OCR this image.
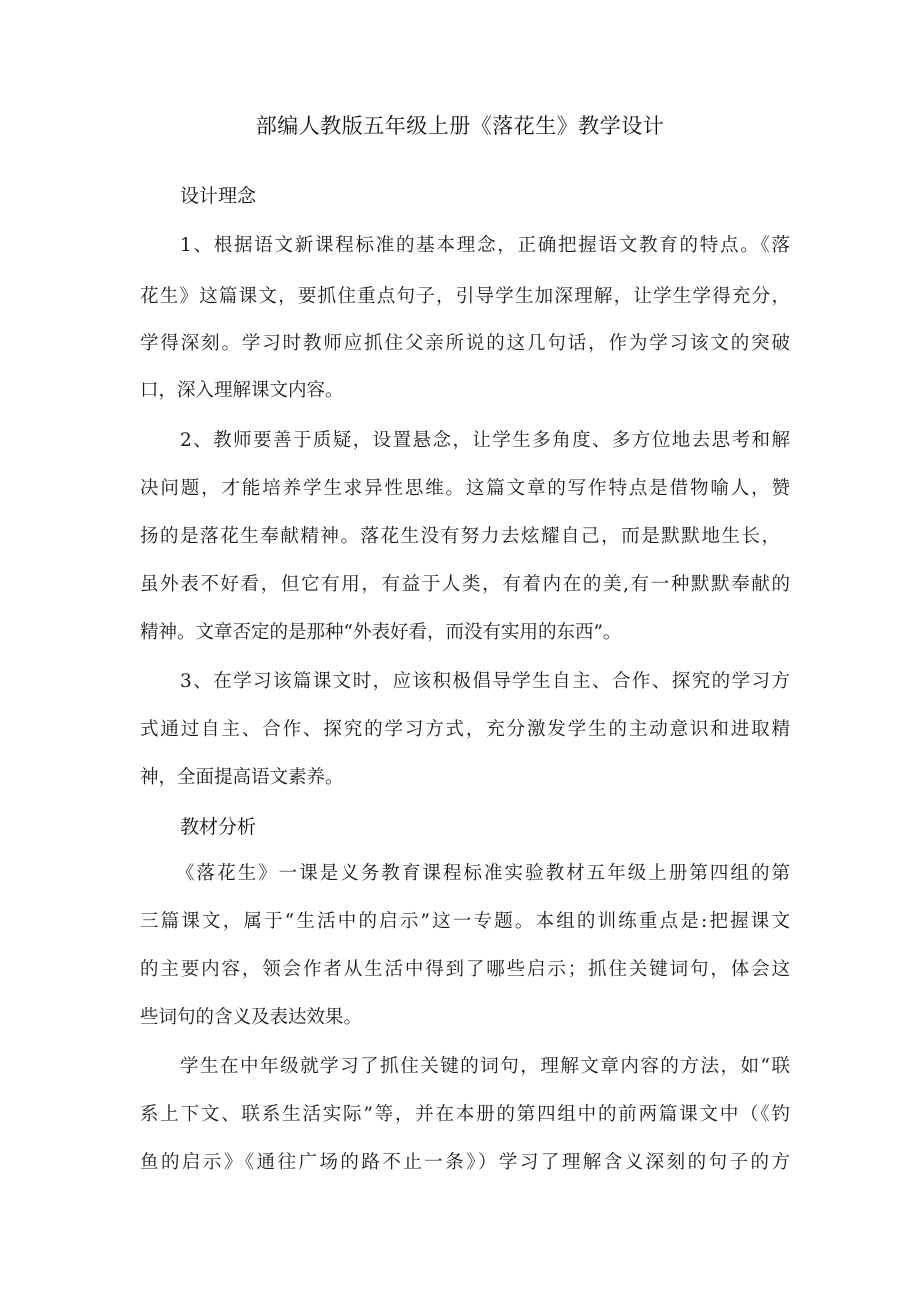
部编人教版五年级上册《落花生》教学设计
设计理念
1、根据语文新课程标准的基本理念，正确把握语文教育的特点。《落
花生》这篇课文，要抓住重点句子，引导学生加深理解，让学生学得充分，
学得深刻。学习时教师应抓住父亲所说的这几句话，作为学习该文的突破
口，深入理解课文内容。
2、教师要善于质疑，设置悬念，让学生多角度、多方位地去思考和解
决问题，才能培养学生求异性思维。这篇文章的写作特点是借物喻人，赞
扬的是落花生奉献精神。落花生没有努力去炫耀自己，而是默默地生长，
虽外表不好看，但它有用，有益于人类，有着内在的美,有一种默默奉献的
精神。文章否定的是那种“外表好看，而没有实用的东西”。
3、在学习该篇课文时，应该积极倡导学生自主、合作、探究的学习方
式通过自主、合作、探究的学习方式，充分激发学生的主动意识和进取精
神，全面提高语文素养。
教材分析
《落花生》一课是义务教育课程标准实验教材五年级上册第四组的第
三篇课文，属于“生活中的启示”这一专题。本组的训练重点是:把握课文
的主要内容，领会作者从生活中得到了哪些启示；抓住关键词句，体会这
些词句的含义及表达效果。
学生在中年级就学习了抓住关键的词句，理解文章内容的方法，如“联
系上下文、联系生活实际”等，并在本册的第四组中的前两篇课文中（《钓
鱼的启示》《通往广场的路不止一条》）学习了理解含义深刻的句子的方
